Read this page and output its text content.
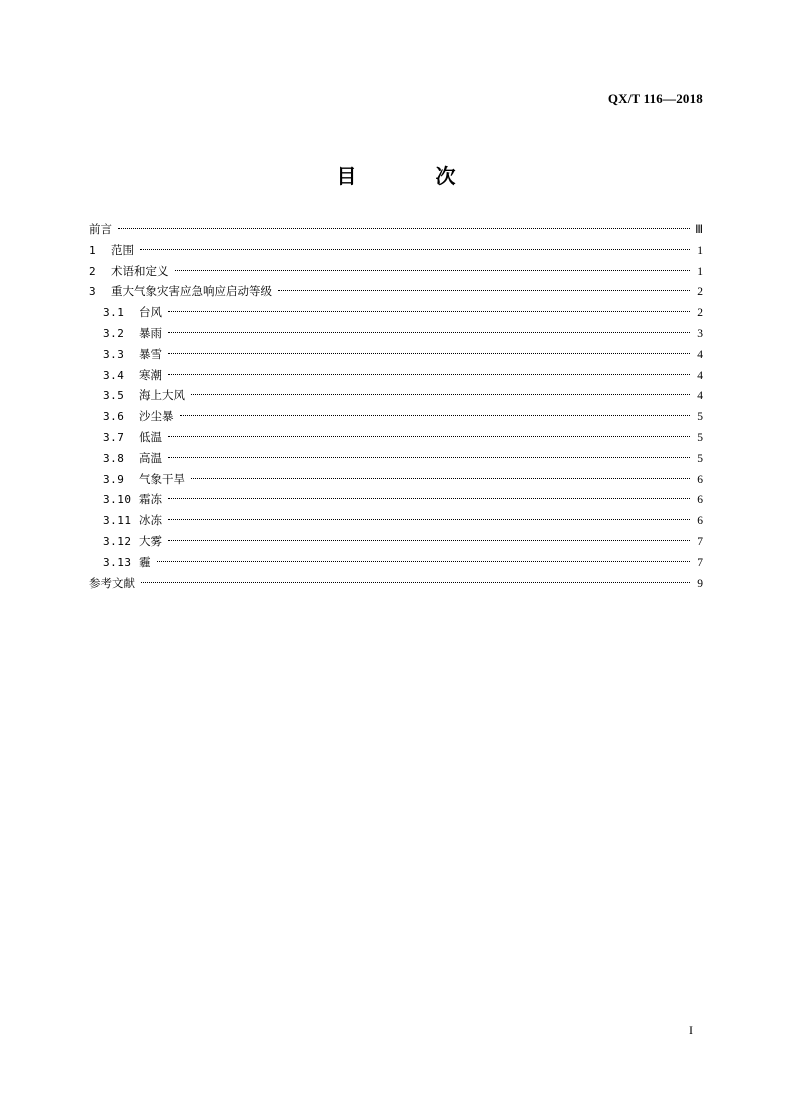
QX/T 116—2018
目 次
前言	Ⅲ
1	范围	1
2	术语和定义	1
3	重大气象灾害应急响应启动等级	2
3.1	台风	2
3.2	暴雨	3
3.3	暴雪	4
3.4	寒潮	4
3.5	海上大风	4
3.6	沙尘暴	5
3.7	低温	5
3.8	高温	5
3.9	气象干旱	6
3.10 霜冻	6
3.11 冰冻	6
3.12 大雾	7
3.13 霾	7
参考文献	9
I
